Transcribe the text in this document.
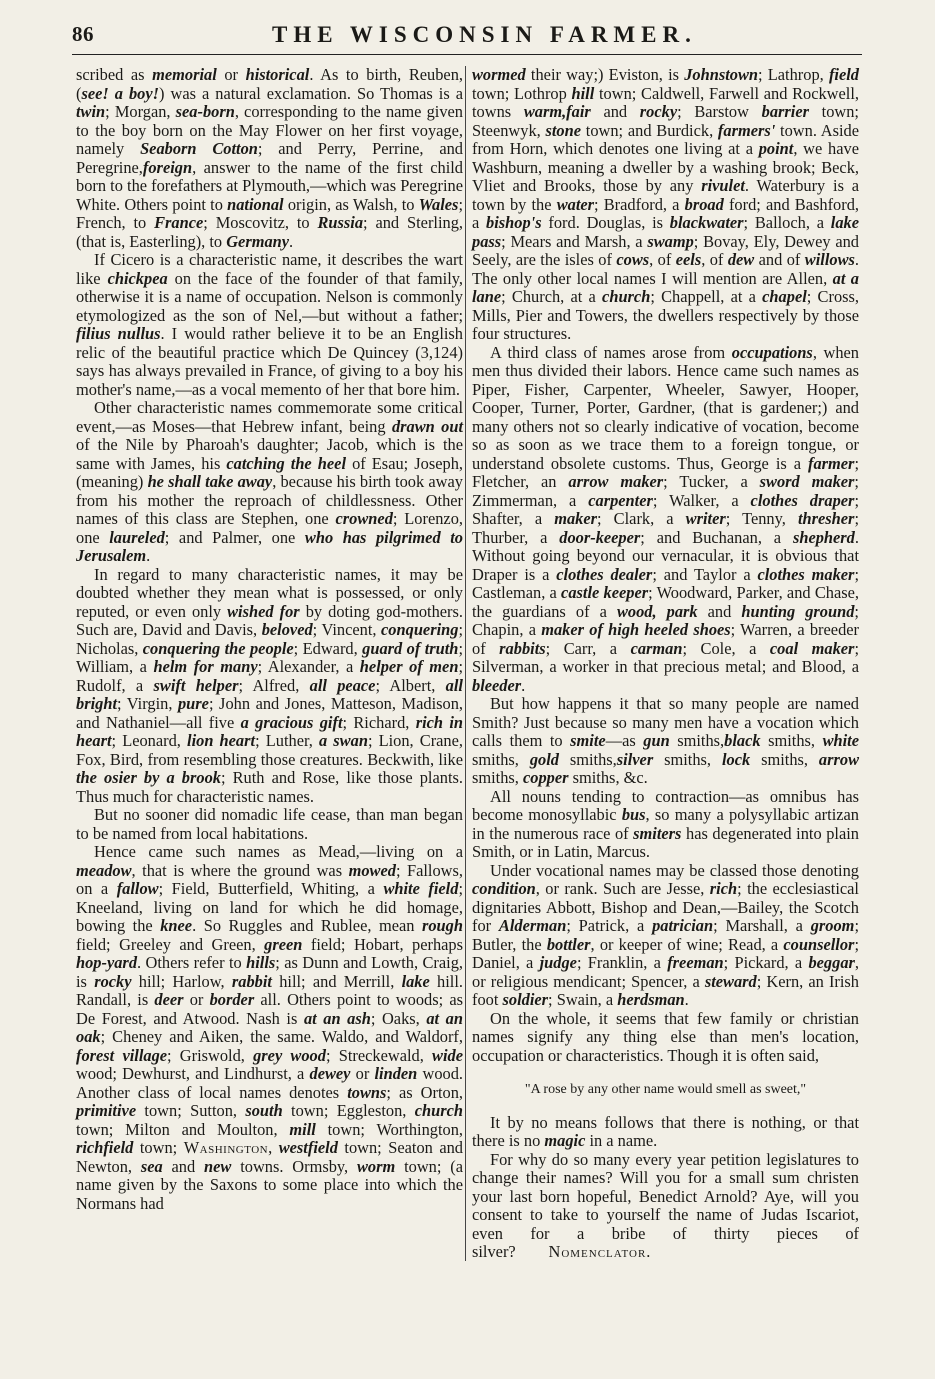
86	THE WISCONSIN FARMER.

scribed as memorial or historical. As to birth, Reuben, (see! a boy!) was a natural exclamation. So Thomas is a twin; Morgan, sea-born, corresponding to the name given to the boy born on the May Flower on her first voyage, namely Seaborn Cotton; and Perry, Perrine, and Peregrine,foreign, answer to the name of the first child born to the forefathers at Plymouth,—which was Peregrine White. Others point to national origin, as Walsh, to Wales; French, to France; Moscovitz, to Russia; and Sterling, (that is, Easterling), to Germany.

If Cicero is a characteristic name, it describes the wart like chickpea on the face of the founder of that family, otherwise it is a name of occupation. Nelson is commonly etymologized as the son of Nel,—but without a father; filius nullus. I would rather believe it to be an English relic of the beautiful practice which De Quincey (3,124) says has always prevailed in France, of giving to a boy his mother's name,—as a vocal memento of her that bore him.

Other characteristic names commemorate some critical event,—as Moses—that Hebrew infant, being drawn out of the Nile by Pharoah's daughter; Jacob, which is the same with James, his catching the heel of Esau; Joseph, (meaning) he shall take away, because his birth took away from his mother the reproach of childlessness. Other names of this class are Stephen, one crowned; Lorenzo, one laureled; and Palmer, one who has pilgrimed to Jerusalem.

In regard to many characteristic names, it may be doubted whether they mean what is possessed, or only reputed, or even only wished for by doting god-mothers. Such are, David and Davis, beloved; Vincent, conquering; Nicholas, conquering the people; Edward, guard of truth; William, a helm for many; Alexander, a helper of men; Rudolf, a swift helper; Alfred, all peace; Albert, all bright; Virgin, pure; John and Jones, Matteson, Madison, and Nathaniel—all five a gracious gift; Richard, rich in heart; Leonard, lion heart; Luther, a swan; Lion, Crane, Fox, Bird, from resembling those creatures. Beckwith, like the osier by a brook; Ruth and Rose, like those plants. Thus much for characteristic names.

But no sooner did nomadic life cease, than man began to be named from local habitations.

Hence came such names as Mead,—living on a meadow, that is where the ground was mowed; Fallows, on a fallow; Field, Butterfield, Whiting, a white field; Kneeland, living on land for which he did homage, bowing the knee. So Ruggles and Rublee, mean rough field; Greeley and Green, green field; Hobart, perhaps hop-yard. Others refer to hills; as Dunn and Lowth, Craig, is rocky hill; Harlow, rabbit hill; and Merrill, lake hill. Randall, is deer or border all. Others point to woods; as De Forest, and Atwood. Nash is at an ash; Oaks, at an oak; Cheney and Aiken, the same. Waldo, and Waldorf, forest village; Griswold, grey wood; Streckewald, wide wood; Dewhurst, and Lindhurst, a dewey or linden wood. Another class of local names denotes towns; as Orton, primitive town; Sutton, south town; Eggleston, church town; Milton and Moulton, mill town; Worthington, richfield town; Washington, westfield town; Seaton and Newton, sea and new towns. Ormsby, worm town; (a name given by the Saxons to some place into which the Normans had

wormed their way;) Eviston, is Johnstown; Lathrop, field town; Lothrop hill town; Caldwell, Farwell and Rockwell, towns warm,fair and rocky; Barstow barrier town; Steenwyk, stone town; and Burdick, farmers' town. Aside from Horn, which denotes one living at a point, we have Washburn, meaning a dweller by a washing brook; Beck, Vliet and Brooks, those by any rivulet. Waterbury is a town by the water; Bradford, a broad ford; and Bashford, a bishop's ford. Douglas, is blackwater; Balloch, a lake pass; Mears and Marsh, a swamp; Bovay, Ely, Dewey and Seely, are the isles of cows, of eels, of dew and of willows. The only other local names I will mention are Allen, at a lane; Church, at a church; Chappell, at a chapel; Cross, Mills, Pier and Towers, the dwellers respectively by those four structures.

A third class of names arose from occupations, when men thus divided their labors. Hence came such names as Piper, Fisher, Carpenter, Wheeler, Sawyer, Hooper, Cooper, Turner, Porter, Gardner, (that is gardener;) and many others not so clearly indicative of vocation, become so as soon as we trace them to a foreign tongue, or understand obsolete customs. Thus, George is a farmer; Fletcher, an arrow maker; Tucker, a sword maker; Zimmerman, a carpenter; Walker, a clothes draper; Shafter, a maker; Clark, a writer; Tenny, thresher; Thurber, a door-keeper; and Buchanan, a shepherd. Without going beyond our vernacular, it is obvious that Draper is a clothes dealer; and Taylor a clothes maker; Castleman, a castle keeper; Woodward, Parker, and Chase, the guardians of a wood, park and hunting ground; Chapin, a maker of high heeled shoes; Warren, a breeder of rabbits; Carr, a carman; Cole, a coal maker; Silverman, a worker in that precious metal; and Blood, a bleeder.

But how happens it that so many people are named Smith? Just because so many men have a vocation which calls them to smite—as gun smiths,black smiths, white smiths, gold smiths,silver smiths, lock smiths, arrow smiths, copper smiths, &c.

All nouns tending to contraction—as omnibus has become monosyllabic bus, so many a polysyllabic artizan in the numerous race of smiters has degenerated into plain Smith, or in Latin, Marcus.

Under vocational names may be classed those denoting condition, or rank. Such are Jesse, rich; the ecclesiastical dignitaries Abbott, Bishop and Dean,—Bailey, the Scotch for Alderman; Patrick, a patrician; Marshall, a groom; Butler, the bottler, or keeper of wine; Read, a counsellor; Daniel, a judge; Franklin, a freeman; Pickard, a beggar, or religious mendicant; Spencer, a steward; Kern, an Irish foot soldier; Swain, a herdsman.

On the whole, it seems that few family or christian names signify any thing else than men's location, occupation or characteristics. Though it is often said,

"A rose by any other name would smell as sweet,"

It by no means follows that there is nothing, or that there is no magic in a name.

For why do so many every year petition legislatures to change their names? Will you for a small sum christen your last born hopeful, Benedict Arnold? Aye, will you consent to take to yourself the name of Judas Iscariot, even for a bribe of thirty pieces of silver? Nomenclator.
